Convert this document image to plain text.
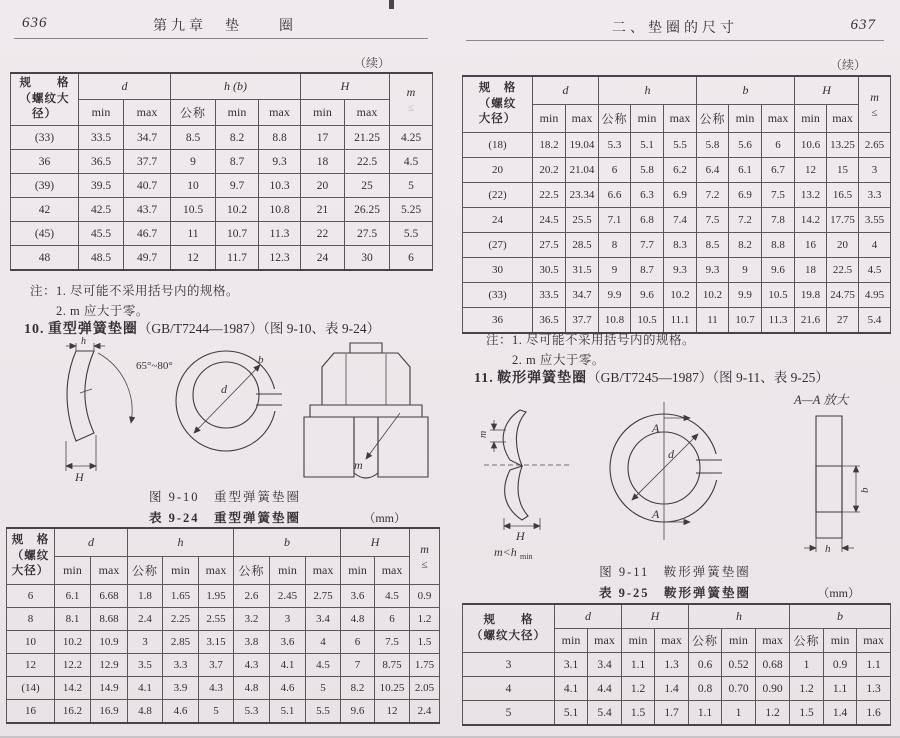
636	第九章　垫　　圈
（续）
规　　格
（螺纹大径）
	d	h (b)	H	m
≤

	min	max	公称	min	max	min	max	
(33)	33.5	34.7	8.5	8.2	8.8	17	21.25	4.25
36	36.5	37.7	9	8.7	9.3	18	22.5	4.5
(39)	39.5	40.7	10	9.7	10.3	20	25	5
42	42.5	43.7	10.5	10.2	10.8	21	26.25	5.25
(45)	45.5	46.7	11	10.7	11.3	22	27.5	5.5
48	48.5	49.7	12	11.7	12.3	24	30	6
注：1. 尽可能不采用括号内的规格。
2. m 应大于零。
10. 重型弹簧垫圈（GB/T7244—1987）（图 9-10、表 9-24）
h
65°~80°
H
d
b
m
图 9-10　重型弹簧垫圈
表 9-24　 重型弹簧垫圈	（mm）
规　格
（螺纹
大径）
	d	h	b	H	m
≤

	min	max	公称	min	max	公称	min	max	min	max	
6	6.1	6.68	1.8	1.65	1.95	2.6	2.45	2.75	3.6	4.5	0.9
8	8.1	8.68	2.4	2.25	2.55	3.2	3	3.4	4.8	6	1.2
10	10.2	10.9	3	2.85	3.15	3.8	3.6	4	6	7.5	1.5
12	12.2	12.9	3.5	3.3	3.7	4.3	4.1	4.5	7	8.75	1.75
(14)	14.2	14.9	4.1	3.9	4.3	4.8	4.6	5	8.2	10.25	2.05
16	16.2	16.9	4.8	4.6	5	5.3	5.1	5.5	9.6	12	2.4
二、垫圈的尺寸	637
（续）
规　格
（螺纹
大径）
	d	h	b	H	m
≤

	min	max	公称	min	max	公称	min	max	min	max	
(18)	18.2	19.04	5.3	5.1	5.5	5.8	5.6	6	10.6	13.25	2.65
20	20.2	21.04	6	5.8	6.2	6.4	6.1	6.7	12	15	3
(22)	22.5	23.34	6.6	6.3	6.9	7.2	6.9	7.5	13.2	16.5	3.3
24	24.5	25.5	7.1	6.8	7.4	7.5	7.2	7.8	14.2	17.75	3.55
(27)	27.5	28.5	8	7.7	8.3	8.5	8.2	8.8	16	20	4
30	30.5	31.5	9	8.7	9.3	9.3	9	9.6	18	22.5	4.5
(33)	33.5	34.7	9.9	9.6	10.2	10.2	9.9	10.5	19.8	24.75	4.95
36	36.5	37.7	10.8	10.5	11.1	11	10.7	11.3	21.6	27	5.4
注：1. 尽可能不采用括号内的规格。
2. m 应大于零。
11. 鞍形弹簧垫圈（GB/T7245—1987）（图 9-11、表 9-25）
A—A 放大
m
H
m<h min
d
A
A
b
h
图 9-11　鞍形弹簧垫圈
表 9-25　 鞍形弹簧垫圈	（mm）
规　　格
（螺纹大径）	d		H		h			b		
	min	max	min	max	公称	min	max	公称	min	max
3	3.1	3.4	1.1	1.3	0.6	0.52	0.68	1	0.9	1.1
4	4.1	4.4	1.2	1.4	0.8	0.70	0.90	1.2	1.1	1.3
5	5.1	5.4	1.5	1.7	1.1	1	1.2	1.5	1.4	1.6
